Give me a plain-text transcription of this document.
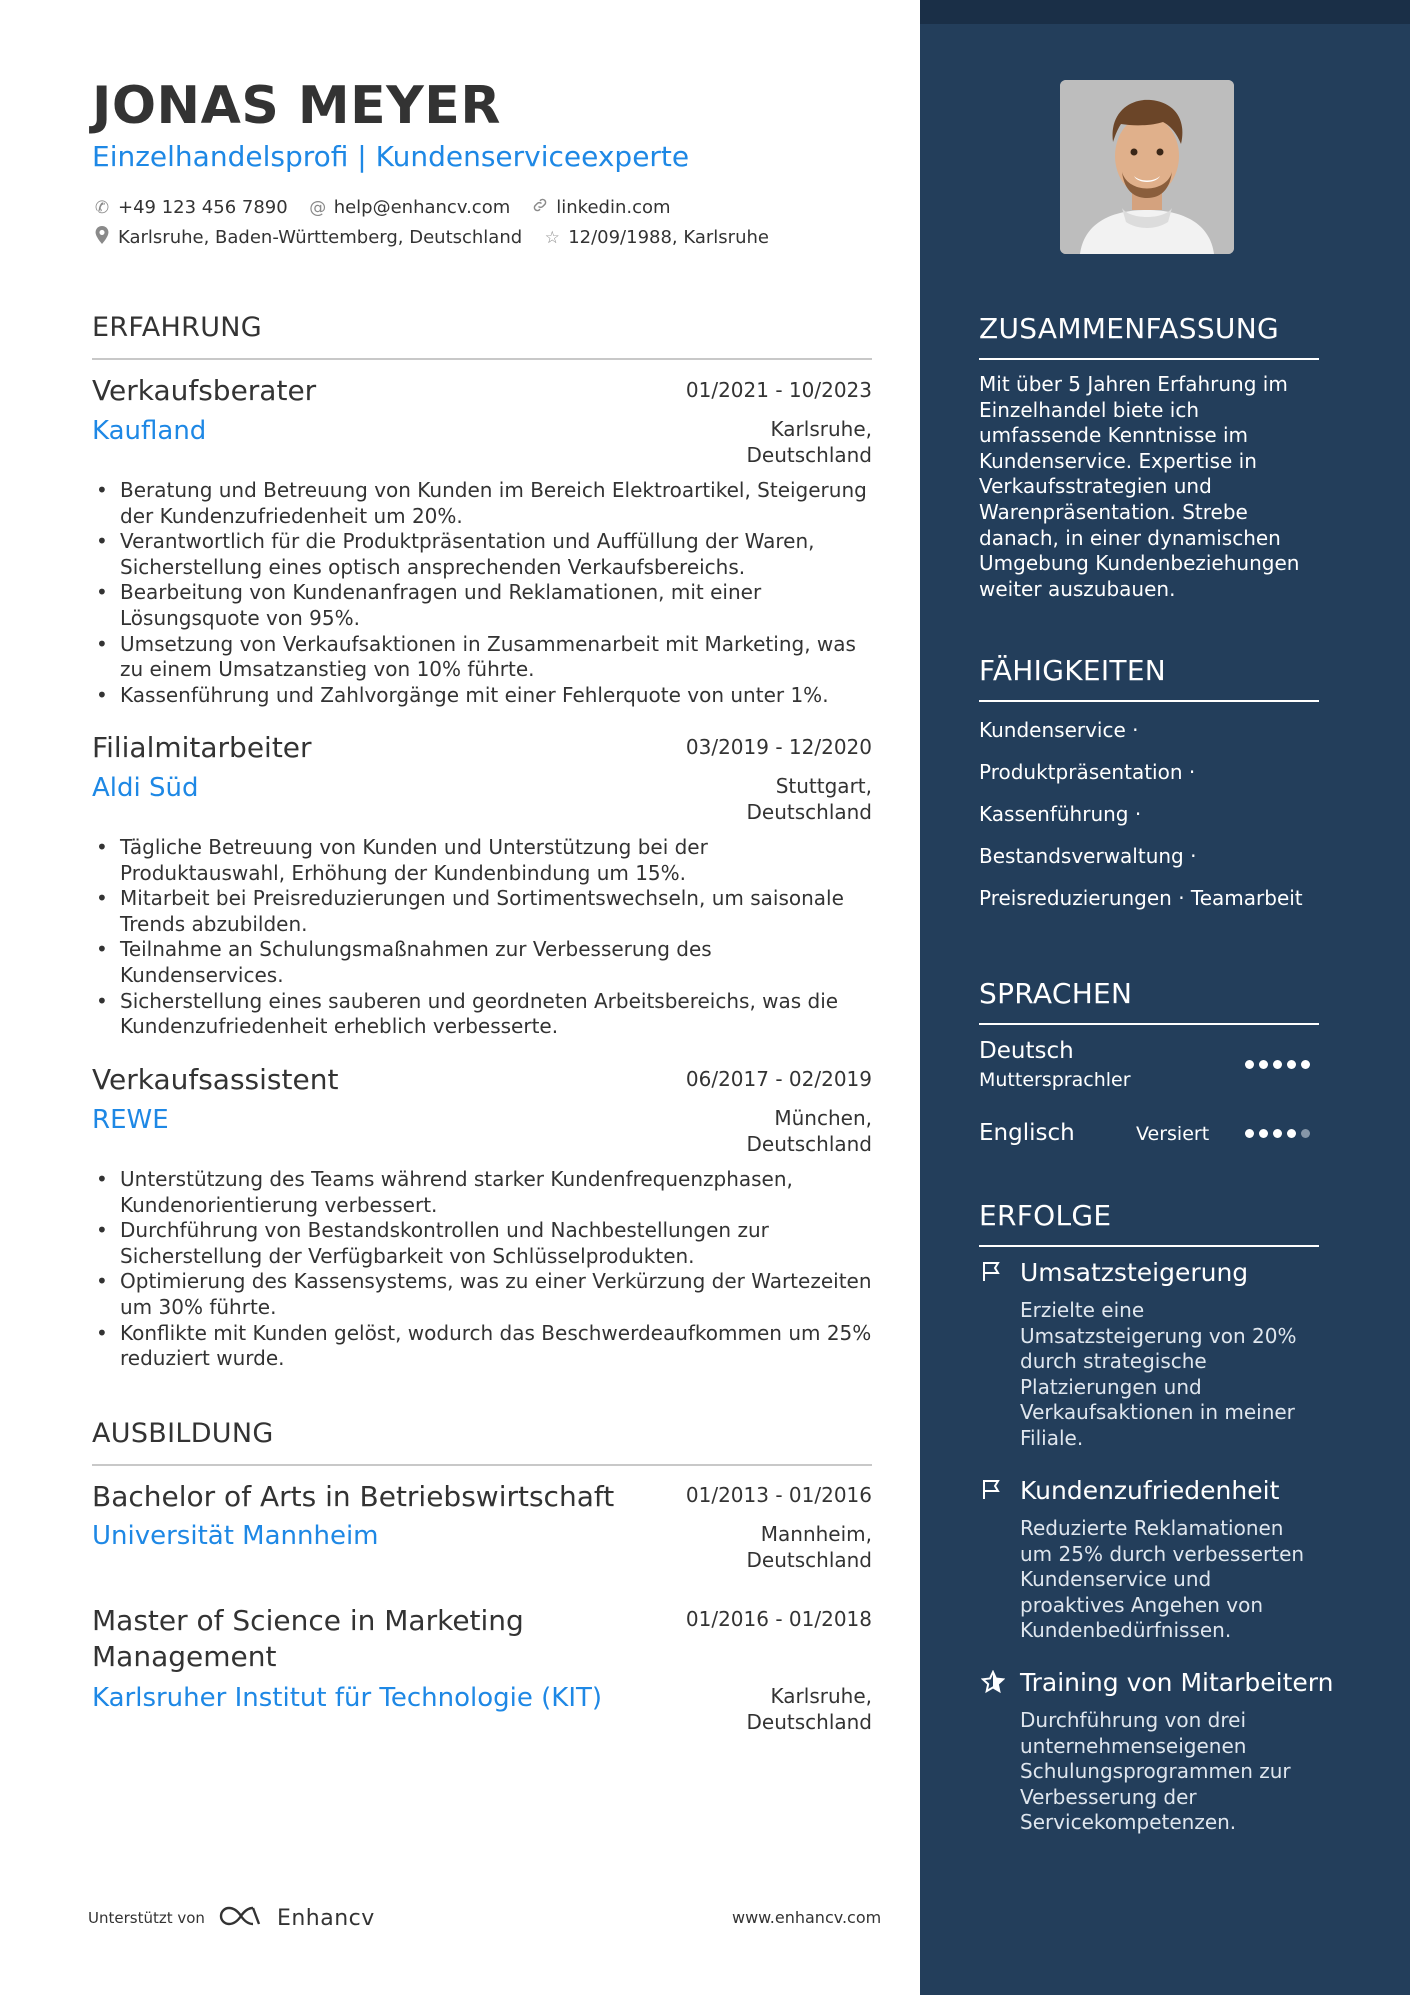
JONAS MEYER
Einzelhandelsprofi | Kundenserviceexperte
✆ +49 123 456 7890 @ help@enhancv.com	linkedin.com
Karlsruhe, Baden-Württemberg, Deutschland ☆ 12/09/1988, Karlsruhe
ERFAHRUNG
Verkaufsberater	01/2021 - 10/2023
Kaufland	Karlsruhe,
Deutschland
• Beratung und Betreuung von Kunden im Bereich Elektroartikel, Steigerung der Kundenzufriedenheit um 20%.
• Verantwortlich für die Produktpräsentation und Auffüllung der Waren, Sicherstellung eines optisch ansprechenden Verkaufsbereichs.
• Bearbeitung von Kundenanfragen und Reklamationen, mit einer Lösungsquote von 95%.
• Umsetzung von Verkaufsaktionen in Zusammenarbeit mit Marketing, was zu einem Umsatzanstieg von 10% führte.
• Kassenführung und Zahlvorgänge mit einer Fehlerquote von unter 1%.
Filialmitarbeiter	03/2019 - 12/2020
Aldi Süd	Stuttgart,
Deutschland
• Tägliche Betreuung von Kunden und Unterstützung bei der Produktauswahl, Erhöhung der Kundenbindung um 15%.
• Mitarbeit bei Preisreduzierungen und Sortimentswechseln, um saisonale Trends abzubilden.
• Teilnahme an Schulungsmaßnahmen zur Verbesserung des Kundenservices.
• Sicherstellung eines sauberen und geordneten Arbeitsbereichs, was die Kundenzufriedenheit erheblich verbesserte.
Verkaufsassistent	06/2017 - 02/2019
REWE	München,
Deutschland
• Unterstützung des Teams während starker Kundenfrequenzphasen, Kundenorientierung verbessert.
• Durchführung von Bestandskontrollen und Nachbestellungen zur Sicherstellung der Verfügbarkeit von Schlüsselprodukten.
• Optimierung des Kassensystems, was zu einer Verkürzung der Wartezeiten um 30% führte.
• Konflikte mit Kunden gelöst, wodurch das Beschwerdeaufkommen um 25% reduziert wurde.
AUSBILDUNG
Bachelor of Arts in Betriebswirtschaft	01/2013 - 01/2016
Universität Mannheim	Mannheim,
Deutschland
Master of Science in Marketing Management
01/2016 - 01/2018
Karlsruher Institut für Technologie (KIT)	Karlsruhe,
Deutschland
Unterstützt von	Enhancv	www.enhancv.com
ZUSAMMENFASSUNG
Mit über 5 Jahren Erfahrung im Einzelhandel biete ich umfassende Kenntnisse im Kundenservice. Expertise in Verkaufsstrategien und Warenpräsentation. Strebe danach, in einer dynamischen Umgebung Kundenbeziehungen weiter auszubauen.
FÄHIGKEITEN
Kundenservice ·
Produktpräsentation ·
Kassenführung ·
Bestandsverwaltung ·
Preisreduzierungen · Teamarbeit
SPRACHEN
Deutsch
Muttersprachler
Englisch	Versiert
ERFOLGE
Umsatzsteigerung
Erzielte eine Umsatzsteigerung von 20% durch strategische Platzierungen und Verkaufsaktionen in meiner Filiale.
Kundenzufriedenheit
Reduzierte Reklamationen um 25% durch verbesserten Kundenservice und proaktives Angehen von Kundenbedürfnissen.
Training von Mitarbeitern
Durchführung von drei unternehmenseigenen Schulungsprogrammen zur Verbesserung der Servicekompetenzen.
